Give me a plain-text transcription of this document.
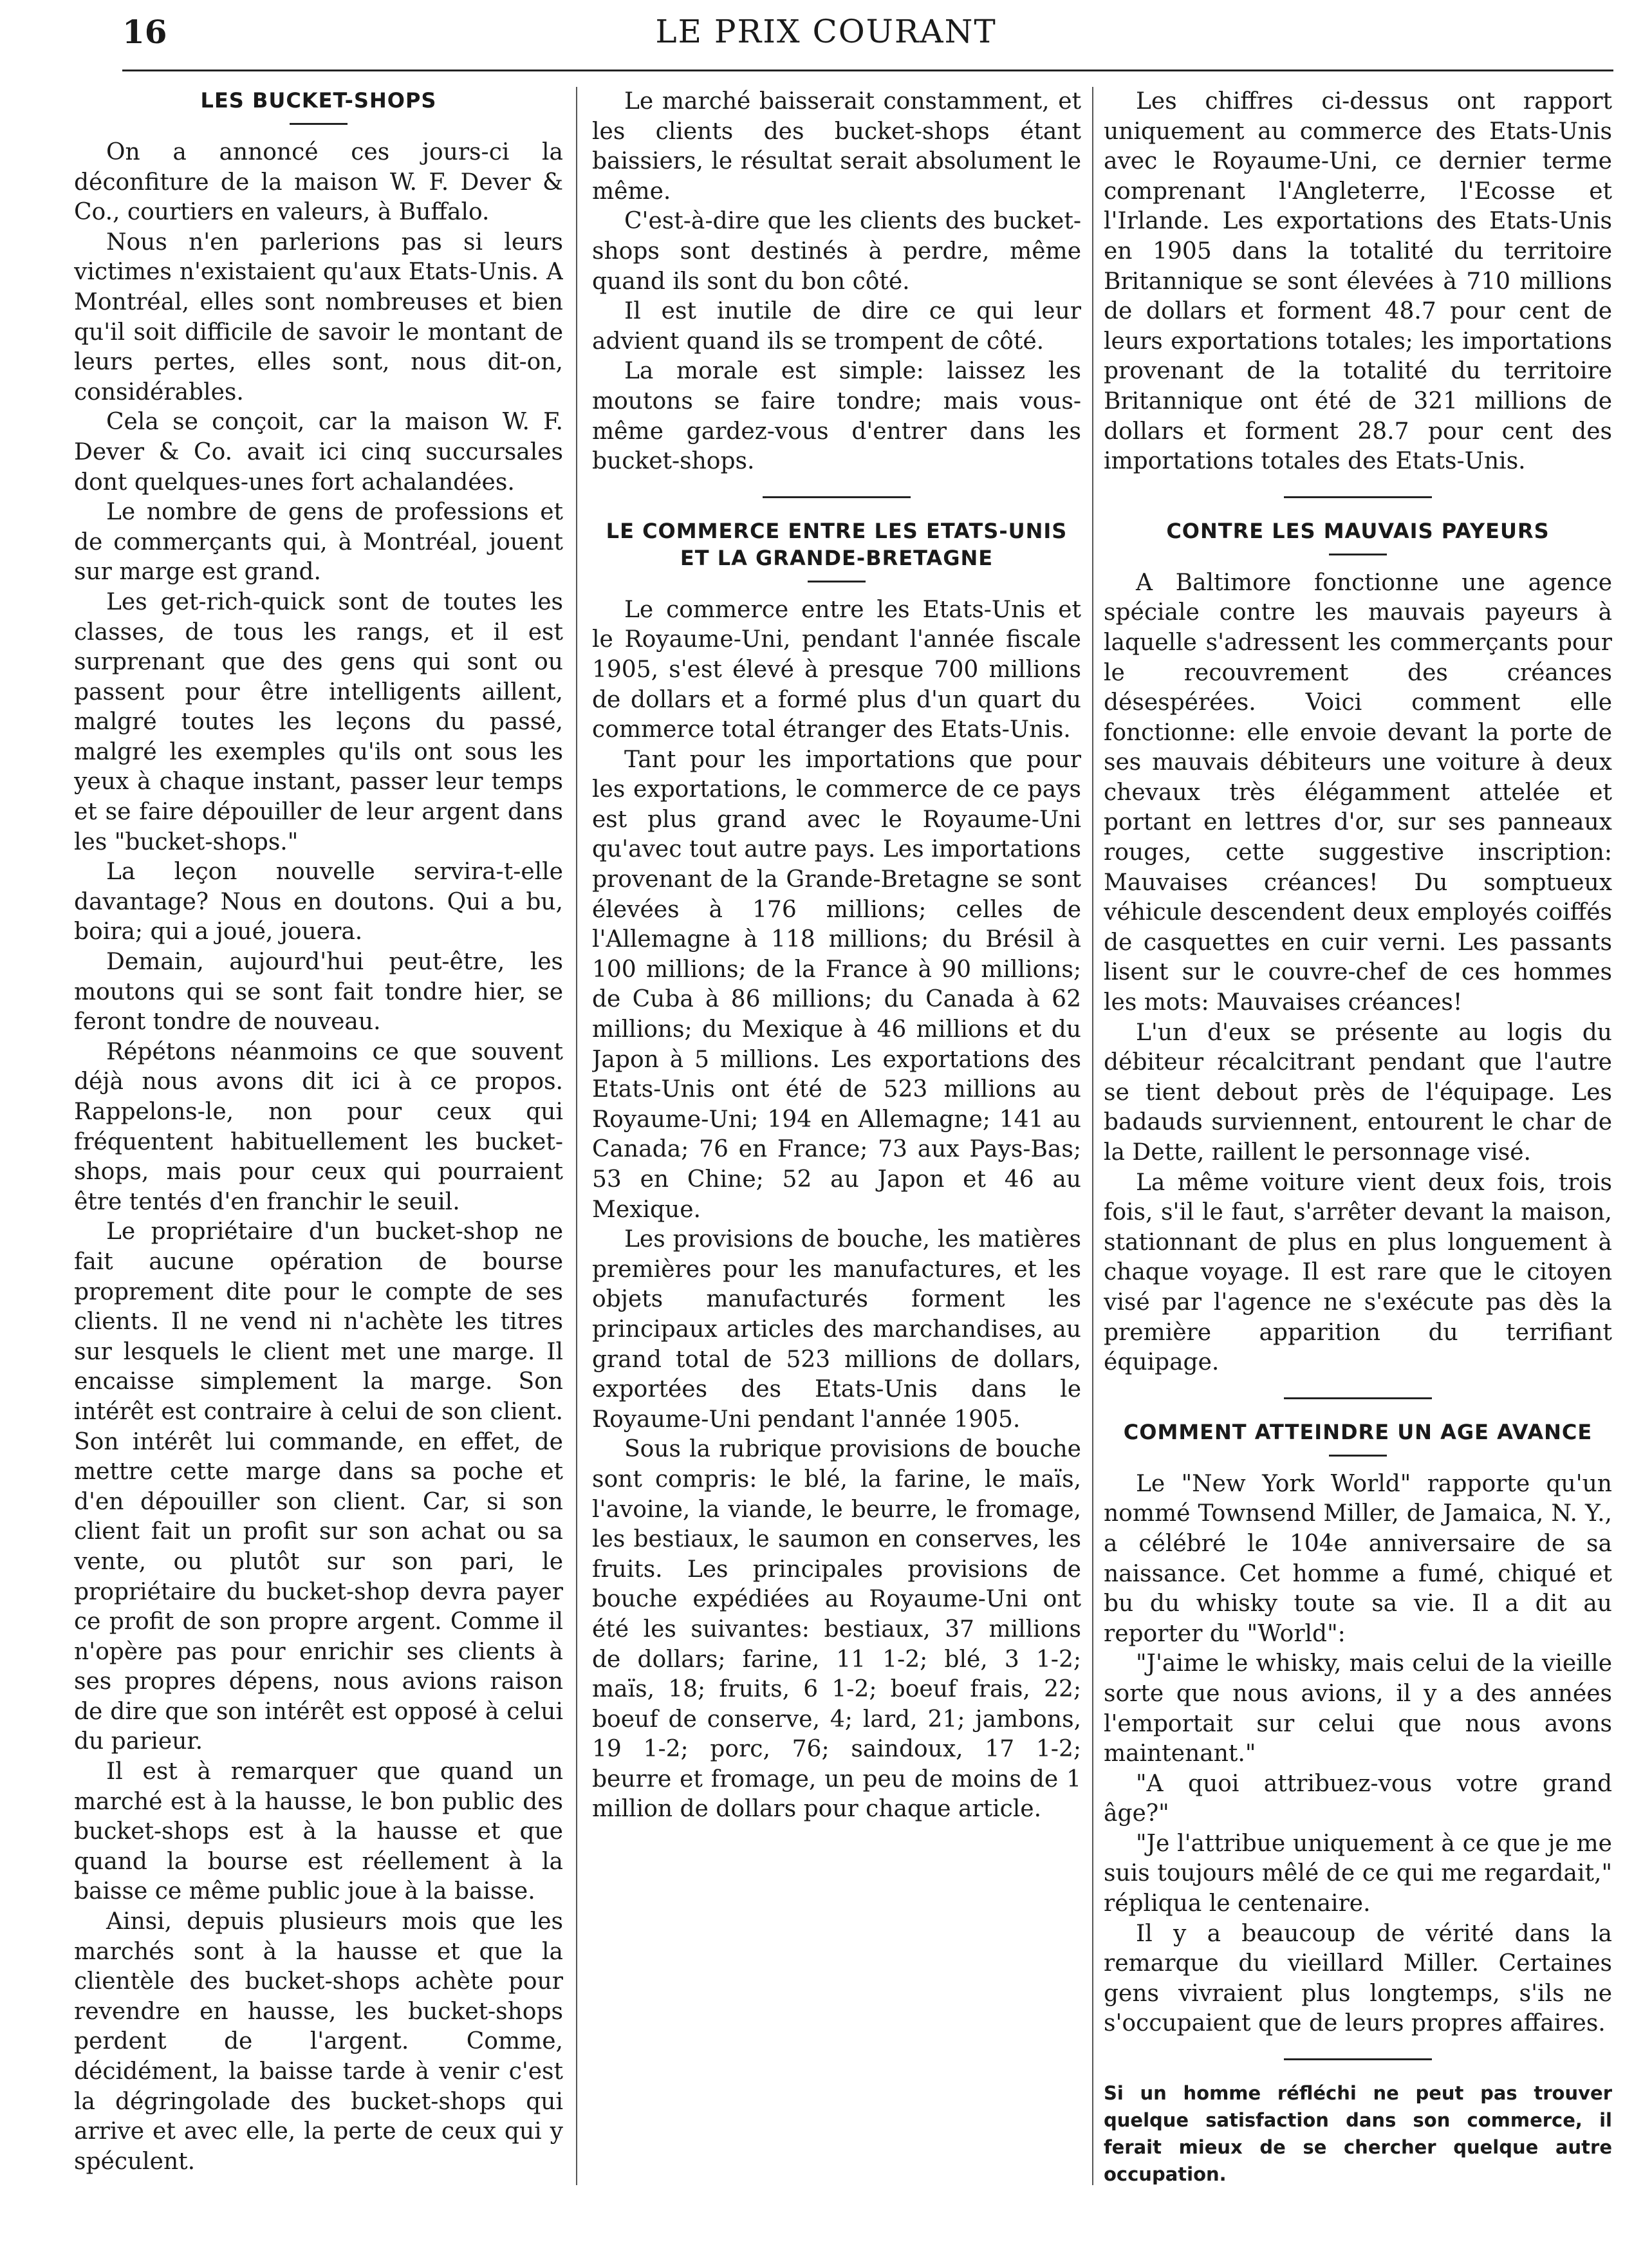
16	LE PRIX COURANT
LES BUCKET-SHOPS

On a annoncé ces jours-ci la déconfiture de la maison W. F. Dever & Co., courtiers en valeurs, à Buffalo.

Nous n'en parlerions pas si leurs victimes n'existaient qu'aux Etats-Unis. A Montréal, elles sont nombreuses et bien qu'il soit difficile de savoir le montant de leurs pertes, elles sont, nous dit-on, considérables.

Cela se conçoit, car la maison W. F. Dever & Co. avait ici cinq succursales dont quelques-unes fort achalandées.

Le nombre de gens de professions et de commerçants qui, à Montréal, jouent sur marge est grand.

Les get-rich-quick sont de toutes les classes, de tous les rangs, et il est surprenant que des gens qui sont ou passent pour être intelligents aillent, malgré toutes les leçons du passé, malgré les exemples qu'ils ont sous les yeux à chaque instant, passer leur temps et se faire dépouiller de leur argent dans les "bucket-shops."

La leçon nouvelle servira-t-elle davantage? Nous en doutons. Qui a bu, boira; qui a joué, jouera.

Demain, aujourd'hui peut-être, les moutons qui se sont fait tondre hier, se feront tondre de nouveau.

Répétons néanmoins ce que souvent déjà nous avons dit ici à ce propos. Rappelons-le, non pour ceux qui fréquentent habituellement les bucket-shops, mais pour ceux qui pourraient être tentés d'en franchir le seuil.

Le propriétaire d'un bucket-shop ne fait aucune opération de bourse proprement dite pour le compte de ses clients. Il ne vend ni n'achète les titres sur lesquels le client met une marge. Il encaisse simplement la marge. Son intérêt est contraire à celui de son client. Son intérêt lui commande, en effet, de mettre cette marge dans sa poche et d'en dépouiller son client. Car, si son client fait un profit sur son achat ou sa vente, ou plutôt sur son pari, le propriétaire du bucket-shop devra payer ce profit de son propre argent. Comme il n'opère pas pour enrichir ses clients à ses propres dépens, nous avions raison de dire que son intérêt est opposé à celui du parieur.

Il est à remarquer que quand un marché est à la hausse, le bon public des bucket-shops est à la hausse et que quand la bourse est réellement à la baisse ce même public joue à la baisse.

Ainsi, depuis plusieurs mois que les marchés sont à la hausse et que la clientèle des bucket-shops achète pour revendre en hausse, les bucket-shops perdent de l'argent. Comme, décidément, la baisse tarde à venir c'est la dégringolade des bucket-shops qui arrive et avec elle, la perte de ceux qui y spéculent.

Le marché baisserait constamment, et les clients des bucket-shops étant baissiers, le résultat serait absolument le même.

C'est-à-dire que les clients des bucket-shops sont destinés à perdre, même quand ils sont du bon côté.

Il est inutile de dire ce qui leur advient quand ils se trompent de côté.

La morale est simple: laissez les moutons se faire tondre; mais vous-même gardez-vous d'entrer dans les bucket-shops.

LE COMMERCE ENTRE LES ETATS-UNIS ET LA GRANDE-BRETAGNE

Le commerce entre les Etats-Unis et le Royaume-Uni, pendant l'année fiscale 1905, s'est élevé à presque 700 millions de dollars et a formé plus d'un quart du commerce total étranger des Etats-Unis.

Tant pour les importations que pour les exportations, le commerce de ce pays est plus grand avec le Royaume-Uni qu'avec tout autre pays. Les importations provenant de la Grande-Bretagne se sont élevées à 176 millions; celles de l'Allemagne à 118 millions; du Brésil à 100 millions; de la France à 90 millions; de Cuba à 86 millions; du Canada à 62 millions; du Mexique à 46 millions et du Japon à 5 millions. Les exportations des Etats-Unis ont été de 523 millions au Royaume-Uni; 194 en Allemagne; 141 au Canada; 76 en France; 73 aux Pays-Bas; 53 en Chine; 52 au Japon et 46 au Mexique.

Les provisions de bouche, les matières premières pour les manufactures, et les objets manufacturés forment les principaux articles des marchandises, au grand total de 523 millions de dollars, exportées des Etats-Unis dans le Royaume-Uni pendant l'année 1905.

Sous la rubrique provisions de bouche sont compris: le blé, la farine, le maïs, l'avoine, la viande, le beurre, le fromage, les bestiaux, le saumon en conserves, les fruits. Les principales provisions de bouche expédiées au Royaume-Uni ont été les suivantes: bestiaux, 37 millions de dollars; farine, 11 1-2; blé, 3 1-2; maïs, 18; fruits, 6 1-2; boeuf frais, 22; boeuf de conserve, 4; lard, 21; jambons, 19 1-2; porc, 76; saindoux, 17 1-2; beurre et fromage, un peu de moins de 1 million de dollars pour chaque article.

Les chiffres ci-dessus ont rapport uniquement au commerce des Etats-Unis avec le Royaume-Uni, ce dernier terme comprenant l'Angleterre, l'Ecosse et l'Irlande. Les exportations des Etats-Unis en 1905 dans la totalité du territoire Britannique se sont élevées à 710 millions de dollars et forment 48.7 pour cent de leurs exportations totales; les importations provenant de la totalité du territoire Britannique ont été de 321 millions de dollars et forment 28.7 pour cent des importations totales des Etats-Unis.

CONTRE LES MAUVAIS PAYEURS

A Baltimore fonctionne une agence spéciale contre les mauvais payeurs à laquelle s'adressent les commerçants pour le recouvrement des créances désespérées. Voici comment elle fonctionne: elle envoie devant la porte de ses mauvais débiteurs une voiture à deux chevaux très élégamment attelée et portant en lettres d'or, sur ses panneaux rouges, cette suggestive inscription: Mauvaises créances! Du somptueux véhicule descendent deux employés coiffés de casquettes en cuir verni. Les passants lisent sur le couvre-chef de ces hommes les mots: Mauvaises créances!

L'un d'eux se présente au logis du débiteur récalcitrant pendant que l'autre se tient debout près de l'équipage. Les badauds surviennent, entourent le char de la Dette, raillent le personnage visé.

La même voiture vient deux fois, trois fois, s'il le faut, s'arrêter devant la maison, stationnant de plus en plus longuement à chaque voyage. Il est rare que le citoyen visé par l'agence ne s'exécute pas dès la première apparition du terrifiant équipage.

COMMENT ATTEINDRE UN AGE AVANCE

Le "New York World" rapporte qu'un nommé Townsend Miller, de Jamaica, N. Y., a célébré le 104e anniversaire de sa naissance. Cet homme a fumé, chiqué et bu du whisky toute sa vie. Il a dit au reporter du "World":

"J'aime le whisky, mais celui de la vieille sorte que nous avions, il y a des années l'emportait sur celui que nous avons maintenant."

"A quoi attribuez-vous votre grand âge?"

"Je l'attribue uniquement à ce que je me suis toujours mêlé de ce qui me regardait," répliqua le centenaire.

Il y a beaucoup de vérité dans la remarque du vieillard Miller. Certaines gens vivraient plus longtemps, s'ils ne s'occupaient que de leurs propres affaires.

Si un homme réfléchi ne peut pas trouver quelque satisfaction dans son commerce, il ferait mieux de se chercher quelque autre occupation.
